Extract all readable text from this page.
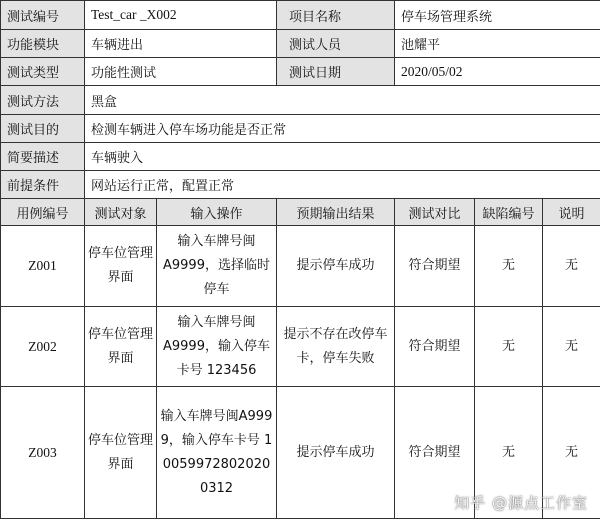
测试编号	Test_car _X002		项目名称	停车场管理系统		
功能模块	车辆进出		测试人员	池耀平		
测试类型	功能性测试		测试日期	2020/05/02		
测试方法	黑盒					
测试目的	检测车辆进入停车场功能是否正常					
简要描述	车辆驶入					
前提条件	网站运行正常，配置正常					
用例编号	测试对象	输入操作	预期输出结果	测试对比	缺陷编号	说明
Z001	停车位管理界面	输入车牌号闽A9999，选择临时停车	提示停车成功	符合期望	无	无
Z002	停车位管理界面	输入车牌号闽A9999，输入停车卡号 123456	提示不存在改停车卡，停车失败	符合期望	无	无
Z003	停车位管理界面	输入车牌号闽A9999，输入停车卡号 100599728020200312	提示停车成功	符合期望	无	无
知乎 @源点工作室
